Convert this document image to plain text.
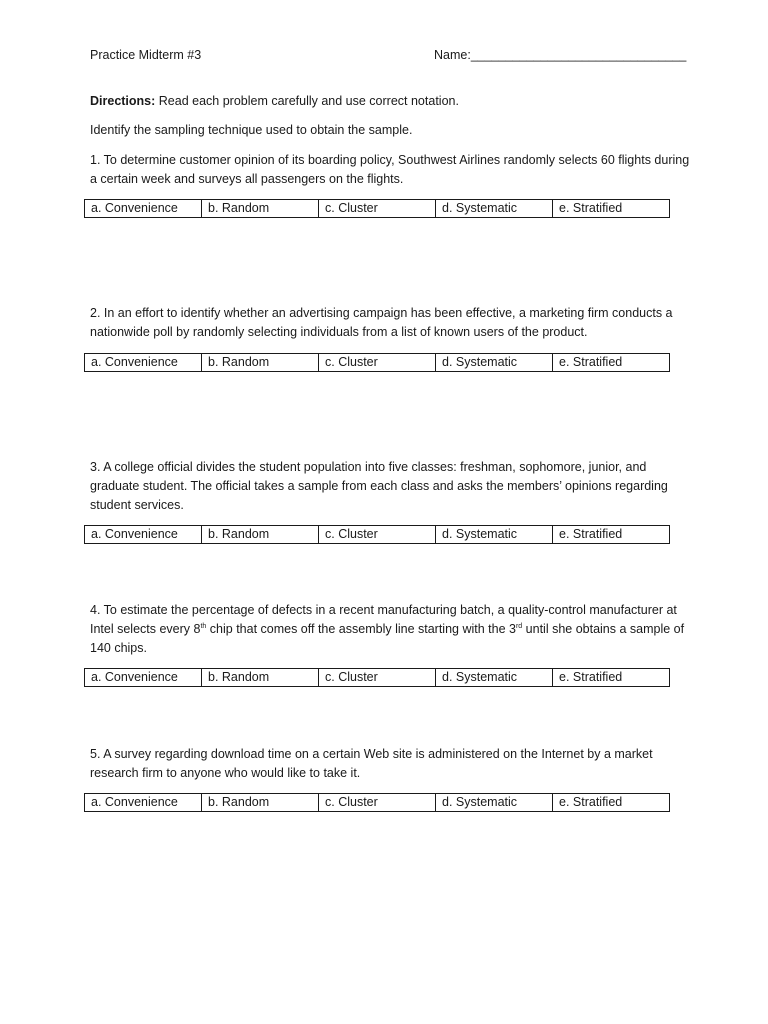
Practice Midterm #3	Name:_______________________________
Directions: Read each problem carefully and use correct notation.
Identify the sampling technique used to obtain the sample.
1. To determine customer opinion of its boarding policy, Southwest Airlines randomly selects 60 flights during a certain week and surveys all passengers on the flights.
a. Convenience	b. Random	c. Cluster	d. Systematic	e. Stratified
2. In an effort to identify whether an advertising campaign has been effective, a marketing firm conducts a nationwide poll by randomly selecting individuals from a list of known users of the product.
a. Convenience	b. Random	c. Cluster	d. Systematic	e. Stratified
3. A college official divides the student population into five classes: freshman, sophomore, junior, and graduate student. The official takes a sample from each class and asks the members’ opinions regarding student services.
a. Convenience	b. Random	c. Cluster	d. Systematic	e. Stratified
4. To estimate the percentage of defects in a recent manufacturing batch, a quality-control manufacturer at Intel selects every 8th chip that comes off the assembly line starting with the 3rd until she obtains a sample of 140 chips.
a. Convenience	b. Random	c. Cluster	d. Systematic	e. Stratified
5. A survey regarding download time on a certain Web site is administered on the Internet by a market research firm to anyone who would like to take it.
a. Convenience	b. Random	c. Cluster	d. Systematic	e. Stratified
